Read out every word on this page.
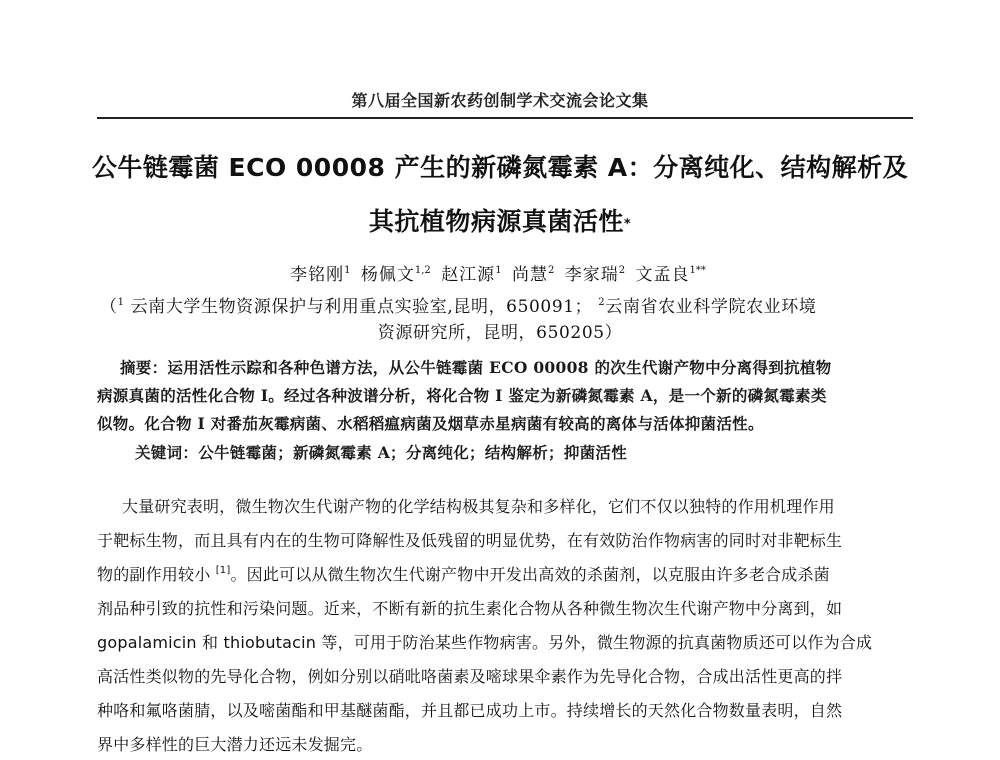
第八届全国新农药创制学术交流会论文集
公牛链霉菌 ECO 00008 产生的新磷氮霉素 A：分离纯化、结构解析及
其抗植物病源真菌活性*
李铭刚$^1$ 杨佩文$^{1,2}$ 赵江源$^1$ 尚慧$^2$ 李家瑞$^2$ 文孟良$^{1**}$
（$^1$ 云南大学生物资源保护与利用重点实验室,昆明，650091； $^2$云南省农业科学院农业环境
资源研究所，昆明，650205）
摘要：运用活性示踪和各种色谱方法，从公牛链霉菌 ECO 00008 的次生代谢产物中分离得到抗植物
病源真菌的活性化合物 I。经过各种波谱分析，将化合物 I 鉴定为新磷氮霉素 A，是一个新的磷氮霉素类
似物。化合物 I 对番茄灰霉病菌、水稻稻瘟病菌及烟草赤星病菌有较高的离体与活体抑菌活性。
关键词：公牛链霉菌；新磷氮霉素 A；分离纯化；结构解析；抑菌活性
大量研究表明，微生物次生代谢产物的化学结构极其复杂和多样化，它们不仅以独特的作用机理作用
于靶标生物，而且具有内在的生物可降解性及低残留的明显优势，在有效防治作物病害的同时对非靶标生
物的副作用较小 [1]。因此可以从微生物次生代谢产物中开发出高效的杀菌剂，以克服由许多老合成杀菌
剂品种引致的抗性和污染问题。近来，不断有新的抗生素化合物从各种微生物次生代谢产物中分离到，如
gopalamicin 和 thiobutacin 等，可用于防治某些作物病害。另外，微生物源的抗真菌物质还可以作为合成
高活性类似物的先导化合物，例如分别以硝吡咯菌素及嘧球果伞素作为先导化合物，合成出活性更高的拌
种咯和氟咯菌腈，以及嘧菌酯和甲基醚菌酯，并且都已成功上市。持续增长的天然化合物数量表明，自然
界中多样性的巨大潜力还远未发掘完。
